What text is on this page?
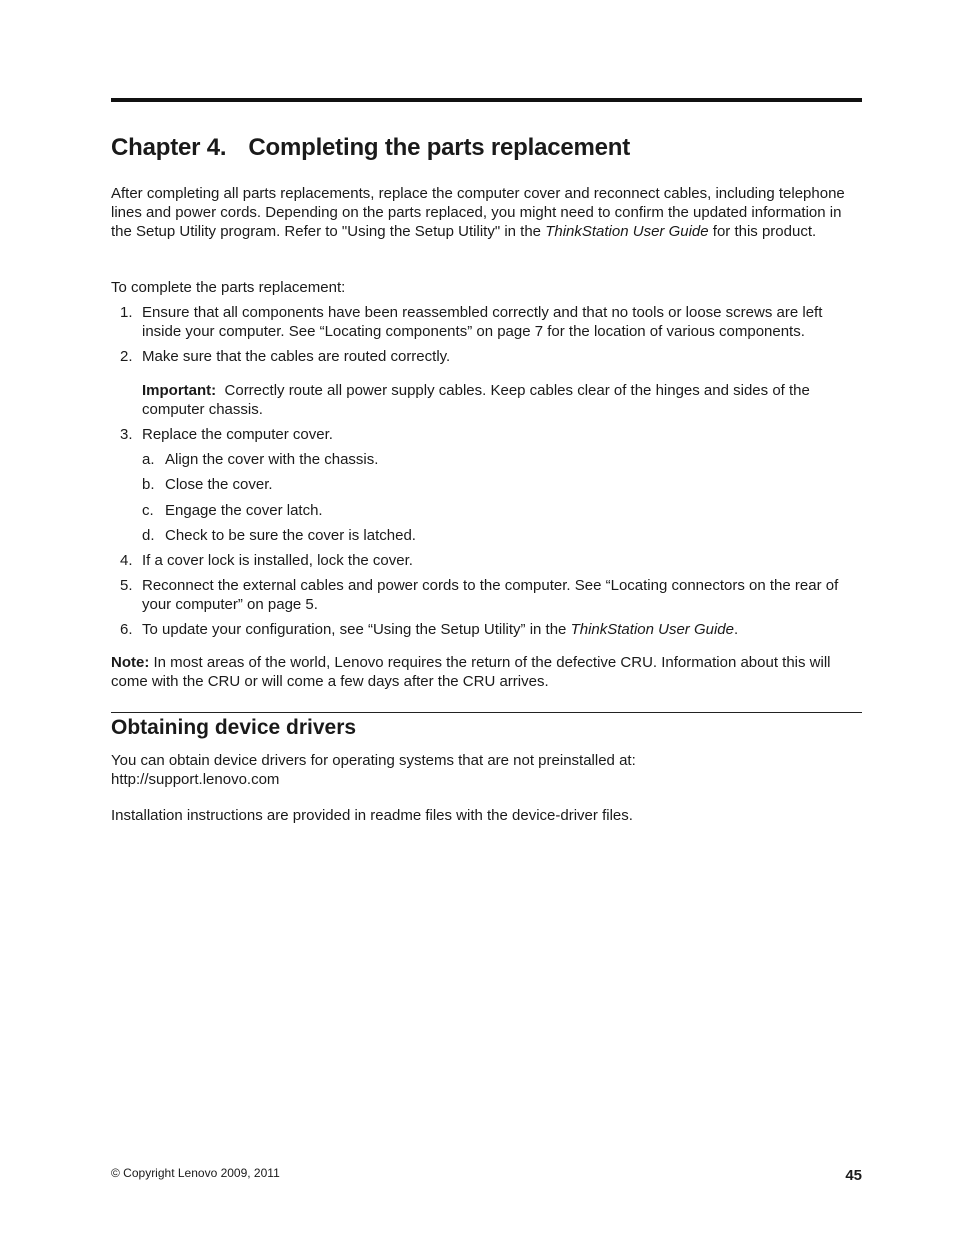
Chapter 4. Completing the parts replacement

After completing all parts replacements, replace the computer cover and reconnect cables, including telephone lines and power cords. Depending on the parts replaced, you might need to confirm the updated information in the Setup Utility program. Refer to "Using the Setup Utility" in the ThinkStation User Guide for this product.

To complete the parts replacement:

1. Ensure that all components have been reassembled correctly and that no tools or loose screws are left inside your computer. See “Locating components” on page 7 for the location of various components.
2. Make sure that the cables are routed correctly.
Important: Correctly route all power supply cables. Keep cables clear of the hinges and sides of the computer chassis.
3. Replace the computer cover.
a. Align the cover with the chassis.
b. Close the cover.
c. Engage the cover latch.
d. Check to be sure the cover is latched.
4. If a cover lock is installed, lock the cover.
5. Reconnect the external cables and power cords to the computer. See “Locating connectors on the rear of your computer” on page 5.
6. To update your configuration, see “Using the Setup Utility” in the ThinkStation User Guide.

Note: In most areas of the world, Lenovo requires the return of the defective CRU. Information about this will come with the CRU or will come a few days after the CRU arrives.

Obtaining device drivers

You can obtain device drivers for operating systems that are not preinstalled at:
http://support.lenovo.com

Installation instructions are provided in readme files with the device-driver files.

© Copyright Lenovo 2009, 2011	45
